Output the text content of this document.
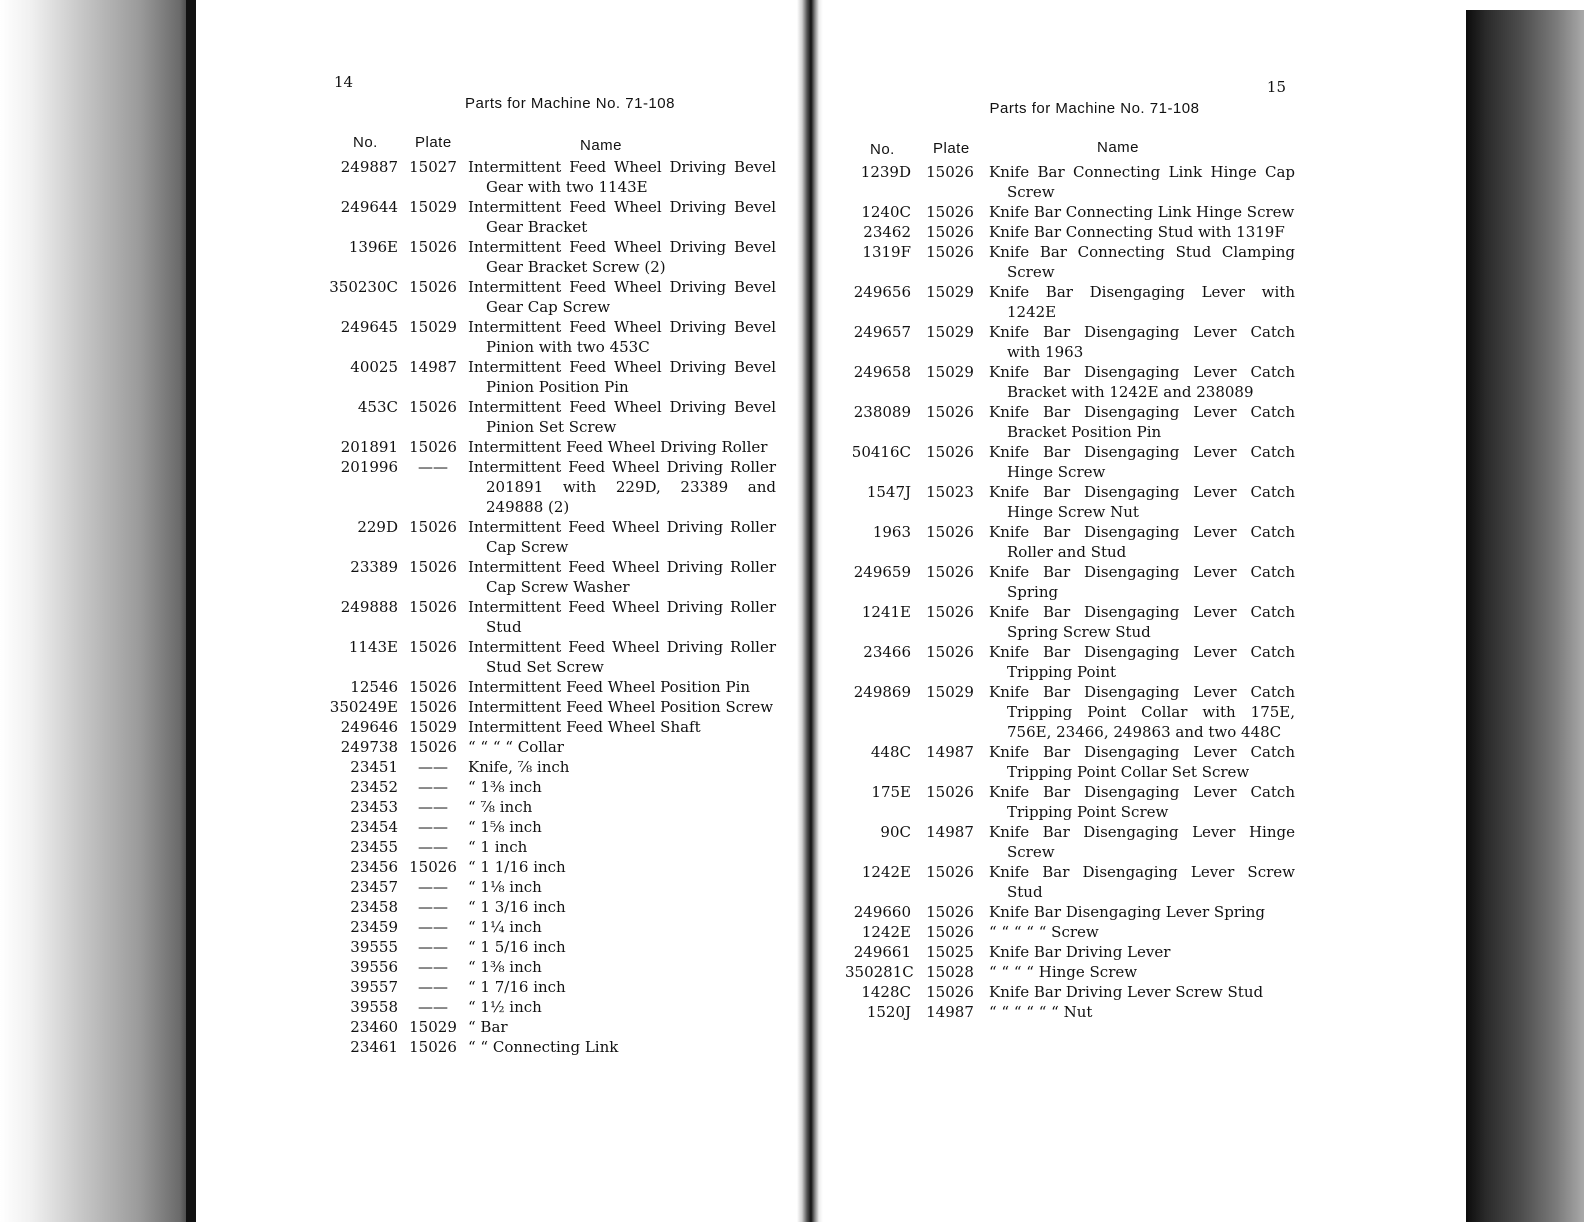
14
Parts for Machine No. 71-108
No. Plate	Name
249887 15027 Intermittent Feed Wheel Driving Bevel Gear with two 1143E
249644 15029 Intermittent Feed Wheel Driving Bevel Gear Bracket
1396E 15026 Intermittent Feed Wheel Driving Bevel Gear Bracket Screw (2)
350230C 15026 Intermittent Feed Wheel Driving Bevel Gear Cap Screw
249645 15029 Intermittent Feed Wheel Driving Bevel Pinion with two 453C
40025 14987 Intermittent Feed Wheel Driving Bevel Pinion Position Pin
453C 15026 Intermittent Feed Wheel Driving Bevel Pinion Set Screw
201891 15026 Intermittent Feed Wheel Driving Roller
201996	——	Intermittent Feed Wheel Driving Roller 201891 with 229D, 23389 and 249888 (2)
229D 15026 Intermittent Feed Wheel Driving Roller Cap Screw
23389 15026 Intermittent Feed Wheel Driving Roller Cap Screw Washer
249888 15026 Intermittent Feed Wheel Driving Roller Stud
1143E 15026 Intermittent Feed Wheel Driving Roller Stud Set Screw
12546 15026 Intermittent Feed Wheel Position Pin
350249E 15026 Intermittent Feed Wheel Position Screw
249646 15029 Intermittent Feed Wheel Shaft
249738 15026 “ “ “ “ Collar
23451	——	Knife, ⅞ inch
23452	——	“ 1⅜ inch
23453	——	“ ⅞ inch
23454	——	“ 1⅝ inch
23455	——	“ 1 inch
23456 15026 “ 1 1/16 inch
23457	——	“ 1⅛ inch
23458	——	“ 1 3/16 inch
23459	——	“ 1¼ inch
39555	——	“ 1 5/16 inch
39556	——	“ 1⅜ inch
39557	——	“ 1 7/16 inch
39558	——	“ 1½ inch
23460 15029 “ Bar
23461 15026 “ “ Connecting Link
15
Parts for Machine No. 71-108
No.	Plate	Name
1239D	15026	Knife Bar Connecting Link Hinge Cap Screw
1240C	15026	Knife Bar Connecting Link Hinge Screw
23462	15026	Knife Bar Connecting Stud with 1319F
1319F	15026	Knife Bar Connecting Stud Clamping Screw
249656	15029	Knife Bar Disengaging Lever with 1242E
249657	15029	Knife Bar Disengaging Lever Catch with 1963
249658	15029	Knife Bar Disengaging Lever Catch Bracket with 1242E and 238089
238089	15026	Knife Bar Disengaging Lever Catch Bracket Position Pin
50416C	15026	Knife Bar Disengaging Lever Catch Hinge Screw
1547J	15023	Knife Bar Disengaging Lever Catch Hinge Screw Nut
1963	15026	Knife Bar Disengaging Lever Catch Roller and Stud
249659	15026	Knife Bar Disengaging Lever Catch Spring
1241E	15026	Knife Bar Disengaging Lever Catch Spring Screw Stud
23466	15026	Knife Bar Disengaging Lever Catch Tripping Point
249869	15029	Knife Bar Disengaging Lever Catch Tripping Point Collar with 175E, 756E, 23466, 249863 and two 448C
448C	14987	Knife Bar Disengaging Lever Catch Tripping Point Collar Set Screw
175E	15026	Knife Bar Disengaging Lever Catch Tripping Point Screw
90C	14987	Knife Bar Disengaging Lever Hinge Screw
1242E	15026	Knife Bar Disengaging Lever Screw Stud
249660	15026	Knife Bar Disengaging Lever Spring
1242E	15026	“ “ “ “ “ Screw
249661	15025	Knife Bar Driving Lever
350281C 15028	“ “ “ “ Hinge Screw
1428C	15026	Knife Bar Driving Lever Screw Stud
1520J	14987	“ “ “ “ “ “ Nut
